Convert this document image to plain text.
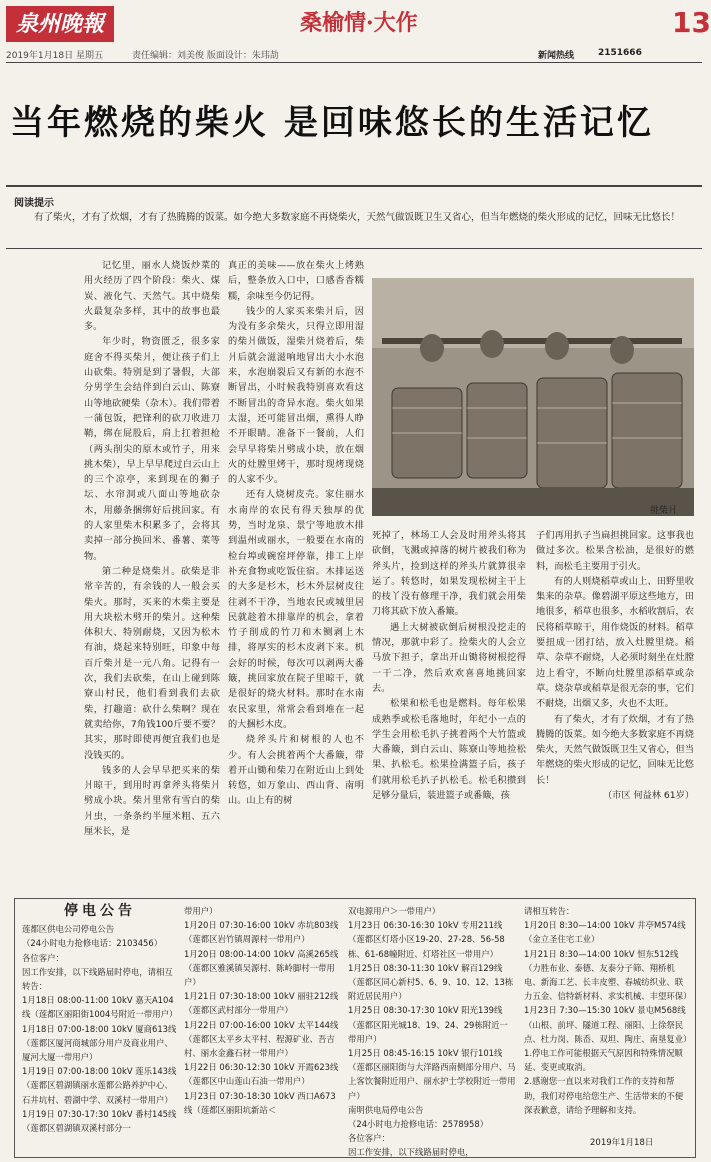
泉州晚報	桑榆情·大作	13
2019年1月18日 星期五	责任编辑：刘美俊 版面设计：朱玮劼	新闻热线	2151666
当年燃烧的柴火 是回味悠长的生活记忆
阅读提示
有了柴火，才有了炊烟，才有了热腾腾的饭菜。如今绝大多数家庭不再烧柴火，天然气做饭既卫生又省心，但当年燃烧的柴火形成的记忆，回味无比悠长！

记忆里，丽水人烧饭炒菜的用火经历了四个阶段：柴火、煤炭、液化气、天然气。其中烧柴火最复杂多样，其中的故事也最多。

年少时，物资匮乏，很多家庭舍不得买柴爿，便让孩子们上山砍柴。特别是到了暑假，大部分男学生会结伴到白云山、陈寮山等地砍硬柴（杂木）。我们带着一蒲包饭，把锋利的砍刀收进刀鞘，绑在屁股后，肩上扛着担枪（两头削尖的原木或竹子，用来挑木柴），早上早早爬过白云山上的三个凉亭，来到现在的狮子坛、水帘洞或八面山等地砍杂木，用藤条捆绑好后挑回家。有的人家里柴木积累多了，会将其卖掉一部分换回米、番薯、菜等物。

第二种是烧柴爿。砍柴是非常辛苦的，有余钱的人一般会买柴火。那时，买来的木柴主要是用大块松木劈开的柴爿。这种柴体积大、特别耐烧，又因为松木有油，烧起来特别旺，印象中每百斤柴爿是一元八角。记得有一次，我们去砍柴，在山上碰到陈寮山村民，他们看到我们去砍柴，打趣道：砍什么柴啊？现在就卖给你，7角钱100斤要不要？其实，那时即使再便宜我们也是没钱买的。

钱多的人会早早把买来的柴爿晾干，到用时再拿斧头将柴爿劈成小块。柴爿里常有雪白的柴爿虫，一条条约半厘米粗、五六厘米长，是

真正的美味——放在柴火上烤熟后，整条放入口中，口感香香糯糯，余味至今仍记得。

钱少的人家买来柴爿后，因为没有多余柴火，只得立即用湿的柴爿做饭，湿柴爿烧着后，柴爿后就会滋滋响地冒出大小水泡来，水泡崩裂后又有新的水泡不断冒出，小时候我特别喜欢看这不断冒出的奇异水泡。柴火如果太湿，还可能冒出烟，熏得人睁不开眼睛。准备下一餐前，人们会早早将柴爿劈成小块，放在烟火的灶膛里烤干，那时现烤现烧的人家不少。

还有人烧树皮壳。家住丽水水南岸的农民有得天独厚的优势，当时龙泉、景宁等地放木排到温州或丽水，一般要在水南的检台埠或碗窑坪停靠，排工上岸补充食物或吃饭住宿。木排运送的大多是杉木，杉木外层树皮往往剥不干净，当地农民或城里居民就趁着木排靠岸的机会，拿着竹子削成的竹刀和木铡剥上木排，将厚实的杉木皮剥下来。机会好的时候，每次可以剥两大番簸，挑回家放在院子里晾干，就是很好的烧火材料。那时在水南农民家里，常常会看到堆在一起的大捆杉木皮。

烧斧头片和树根的人也不少。有人会挑着两个大番簸，带着开山锄和柴刀在附近山上到处转悠，如万象山、西山背、南明山。山上有的树

挑柴爿

死掉了，林场工人会及时用斧头将其砍倒，飞溅或掉落的树片被我们称为斧头片，捡到这样的斧头片就算很幸运了。转悠时，如果发现松树主干上的枝丫没有修理干净，我们就会用柴刀将其砍下放入番簸。

遇上大树被砍倒后树根没挖走的情况，那就中彩了。捡柴火的人会立马放下担子，拿出开山锄将树根挖得一干二净，然后欢欢喜喜地挑回家去。

松果和松毛也是燃料。每年松果成熟季或松毛落地时，年纪小一点的学生会用松毛扒子挑着两个大竹篮或大番簸，到白云山、陈寮山等地捡松果、扒松毛。松果捡满篮子后，孩子们就用松毛扒子扒松毛。松毛积攒到足够分量后，装进篮子或番簸，孩

子们再用扒子当扁担挑回家。这事我也做过多次。松果含松油，是很好的燃料，而松毛主要用于引火。

有的人则烧稻草或山上、田野里收集来的杂草。像碧湖平原这些地方，田地很多，稻草也很多，水稻收割后，农民将稻草晾干，用作烧饭的材料。稻草要扭成一团打结，放入灶膛里烧。稻草、杂草不耐烧，人必须时刻坐在灶膛边上看守，不断向灶膛里添稻草或杂草。烧杂草或稻草是很无奈的事，它们不耐烧，出烟又多，火也不太旺。

有了柴火，才有了炊烟，才有了热腾腾的饭菜。如今绝大多数家庭不再烧柴火，天然气做饭既卫生又省心，但当年燃烧的柴火形成的记忆，回味无比悠长！

（市区 何益林 61岁）

停电公告

莲都区供电公司停电公告

（24小时电力抢修电话：2103456）

各位客户：

因工作安排，以下线路届时停电，请相互转告：

1月18日 08:00-11:00 10kV 嘉天A104线（莲都区丽阳街1004号附近一带用户）

1月18日 07:00-18:00 10kV 厦商613线（莲都区厦河商城部分用户及商业用户、厦河大厦一带用户）

1月19日 07:00-18:00 10kV 莲乐143线（莲都区碧湖镇丽水莲都公路养护中心、石井坑村、碧湖中学、双溪村一带用户）

1月19日 07:30-17:30 10kV 番村145线（莲都区碧湖镇双溪村部分一

带用户）

1月20日 07:30-16:00 10kV 赤坑803线（莲都区岩竹镇周源村一带用户）

1月20日 08:00-14:00 10kV 高溪265线（莲都区雅溪镇吴源村、陈岭脚村一带用户）

1月21日 07:30-18:00 10kV 丽驻212线（莲都区武村部分一带用户）

1月22日 07:00-16:00 10kV 太平144线（莲都区太平乡太平村、程源矿业、吾吉村、丽水金鑫石材一带用户）

1月22日 06:30-12:30 10kV 开霞623线（莲都区中山莲山石油一带用户）

1月23日 07:30-18:30 10kV 西口A673线（莲都区丽阳坑新站＜

双电源用户＞一带用户）

1月23日 06:30-16:30 10kV 专用211线（莲都区灯塔小区19-20、27-28、56-58栋、61-68幢附近、灯塔社区一带用户）

1月25日 08:30-11:30 10kV 解百129线（莲都区同心新村5、6、9、10、12、13栋附近居民用户）

1月25日 08:30-17:30 10kV 阳光139线（莲都区阳光城18、19、24、29栋附近一带用户）

1月25日 08:45-16:15 10kV 银行101线（莲都区丽阳街与大洋路西南侧部分用户、马上客饮餐附近用户、丽水护士学校附近一带用户）

南明供电局停电公告

（24小时电力抢修电话：2578958）

各位客户：

因工作安排，以下线路届时停电，

请相互转告：

1月20日 8:30—14:00 10kV 井亭M574线（金立圣住宅工业）

1月21日 8:30—14:00 10kV 恒东512线（力胜布业、泰德、友泰分子筛、翔桥机电、新海工艺、长丰皮塑、春城纺织业、联力五金、信特新材料、求实机械、丰望环保）

1月23日 7:30—15:30 10kV 景屯M568线（山根、前坪、隧道工程、丽阳、上徐祭民点、杜力岗、陈岙、双坦、陶庄、南垦复业）

1.停电工作可能根据天气原因和特殊情况顺延、变更或取消。

2.感谢您一直以来对我们工作的支持和帮助，我们对停电给您生产、生活带来的不便深表歉意，请给予理解和支持。

2019年1月18日
